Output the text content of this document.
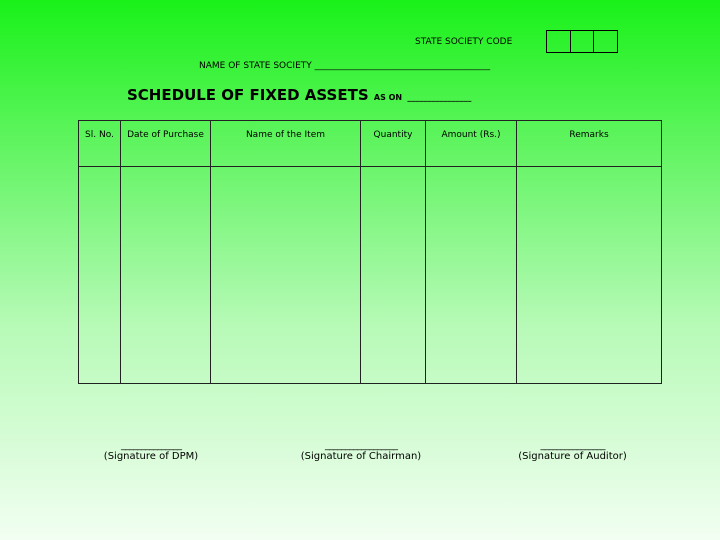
STATE SOCIETY CODE
NAME OF STATE SOCIETY _______________________________________
SCHEDULE OF FIXED ASSETS AS ON ________________
Sl. No.	Date of Purchase	Name of the Item	Quantity	Amount (Rs.)	Remarks

_______________
(Signature of DPM)
__________________
(Signature of Chairman)
________________
(Signature of Auditor)
